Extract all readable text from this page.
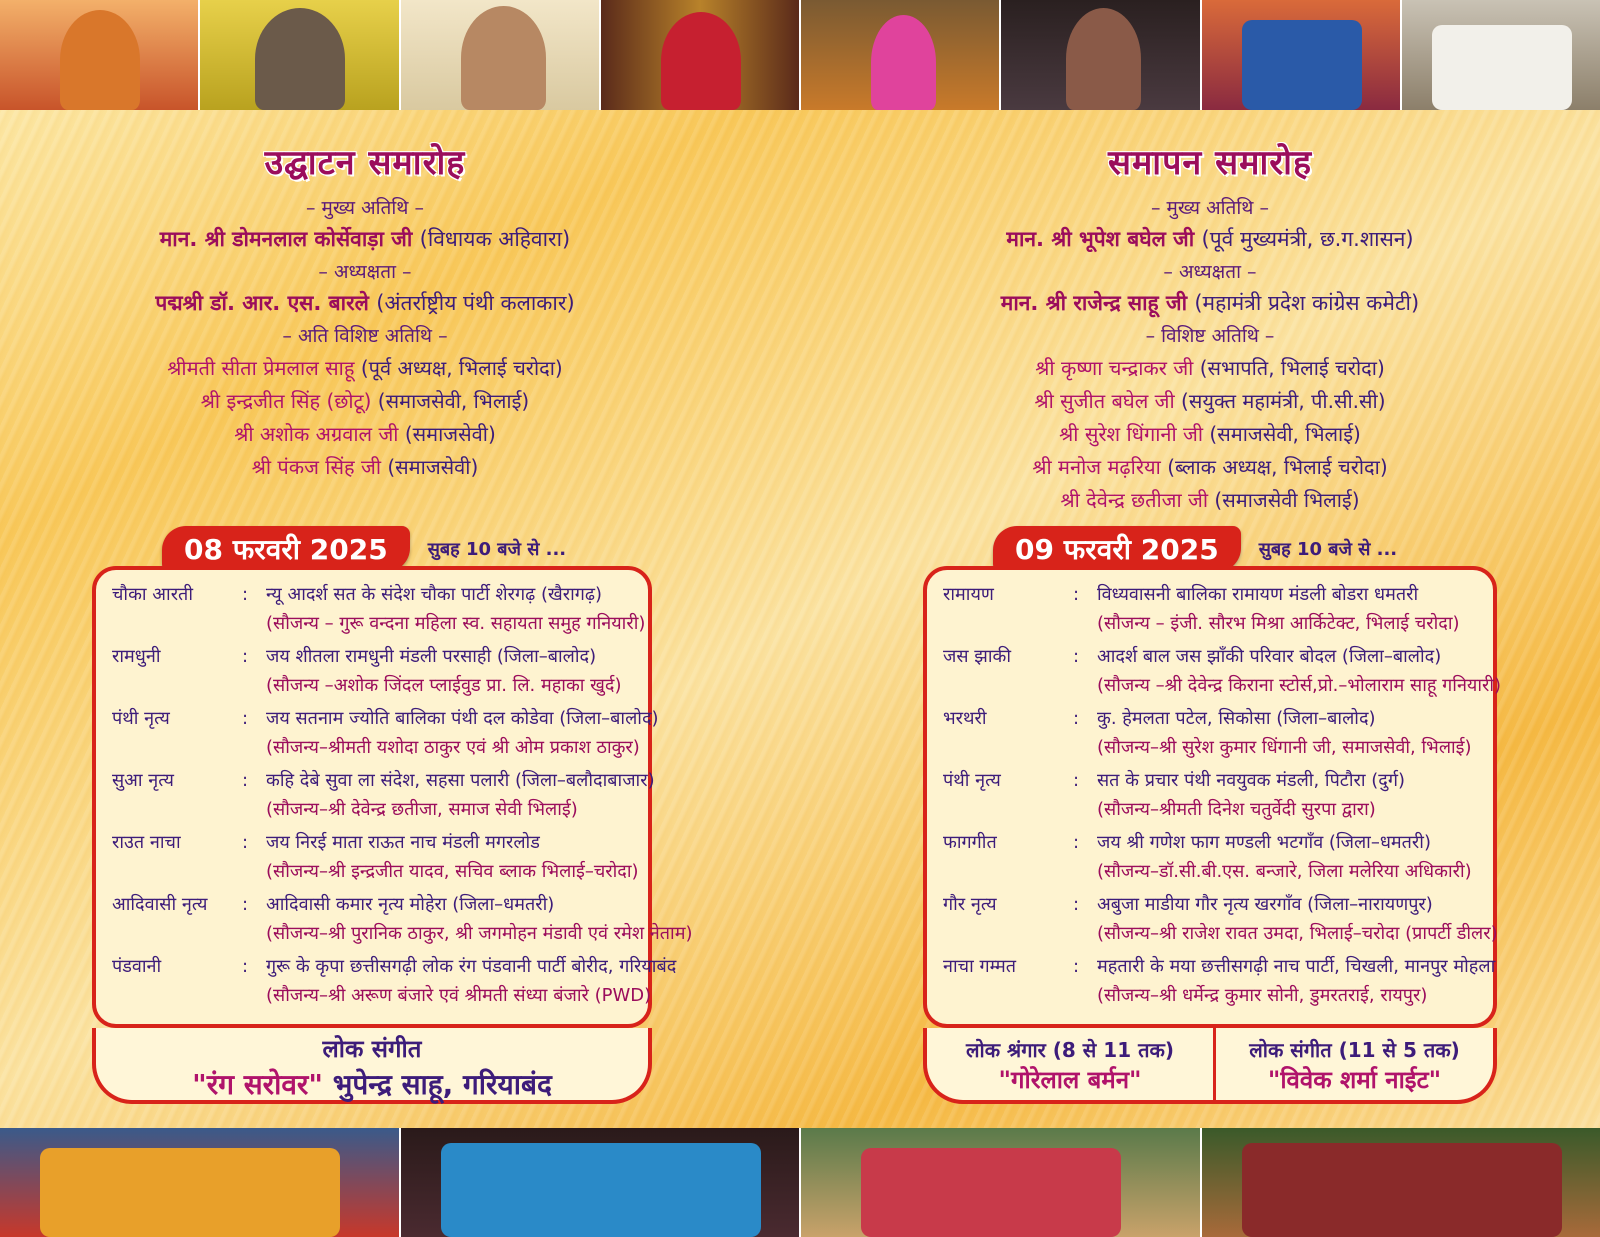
उद्घाटन समारोह
– मुख्य अतिथि –
मान. श्री डोमनलाल कोर्सेवाड़ा जी (विधायक अहिवारा)
– अध्यक्षता –
पद्मश्री डॉ. आर. एस. बारले (अंतर्राष्ट्रीय पंथी कलाकार)
– अति विशिष्ट अतिथि –
श्रीमती सीता प्रेमलाल साहू (पूर्व अध्यक्ष, भिलाई चरोदा)
श्री इन्द्रजीत सिंह (छोटू) (समाजसेवी, भिलाई)
श्री अशोक अग्रवाल जी (समाजसेवी)
श्री पंकज सिंह जी (समाजसेवी)
08 फरवरी 2025	सुबह 10 बजे से ...
चौका आरती	: न्यू आदर्श सत के संदेश चौका पार्टी शेरगढ़ (खैरागढ़)
(सौजन्य – गुरू वन्दना महिला स्व. सहायता समुह गनियारी)
रामधुनी	: जय शीतला रामधुनी मंडली परसाही (जिला–बालोद)
(सौजन्य –अशोक जिंदल प्लाईवुड प्रा. लि. महाका खुर्द)
पंथी नृत्य	: जय सतनाम ज्योति बालिका पंथी दल कोडेवा (जिला–बालोद)
(सौजन्य–श्रीमती यशोदा ठाकुर एवं श्री ओम प्रकाश ठाकुर)
सुआ नृत्य	: कहि देबे सुवा ला संदेश, सहसा पलारी (जिला–बलौदाबाजार)
(सौजन्य–श्री देवेन्द्र छतीजा, समाज सेवी भिलाई)
राउत नाचा	: जय निरई माता राऊत नाच मंडली मगरलोड
(सौजन्य–श्री इन्द्रजीत यादव, सचिव ब्लाक भिलाई–चरोदा)
आदिवासी नृत्य	: आदिवासी कमार नृत्य मोहेरा (जिला–धमतरी)
(सौजन्य–श्री पुरानिक ठाकुर, श्री जगमोहन मंडावी एवं रमेश नेताम)
पंडवानी	: गुरू के कृपा छत्तीसगढ़ी लोक रंग पंडवानी पार्टी बोरीद, गरियाबंद
(सौजन्य–श्री अरूण बंजारे एवं श्रीमती संध्या बंजारे (PWD)
लोक संगीत
"रंग सरोवर" भुपेन्द्र साहू, गरियाबंद
समापन समारोह
– मुख्य अतिथि –
मान. श्री भूपेश बघेल जी (पूर्व मुख्यमंत्री, छ.ग.शासन)
– अध्यक्षता –
मान. श्री राजेन्द्र साहू जी (महामंत्री प्रदेश कांग्रेस कमेटी)
– विशिष्ट अतिथि –
श्री कृष्णा चन्द्राकर जी (सभापति, भिलाई चरोदा)
श्री सुजीत बघेल जी (सयुक्त महामंत्री, पी.सी.सी)
श्री सुरेश धिंगानी जी (समाजसेवी, भिलाई)
श्री मनोज मढ़रिया (ब्लाक अध्यक्ष, भिलाई चरोदा)
श्री देवेन्द्र छतीजा जी (समाजसेवी भिलाई)
09 फरवरी 2025	सुबह 10 बजे से ...
रामायण	: विध्यवासनी बालिका रामायण मंडली बोडरा धमतरी
(सौजन्य – इंजी. सौरभ मिश्रा आर्किटेक्ट, भिलाई चरोदा)
जस झाकी	: आदर्श बाल जस झाँकी परिवार बोदल (जिला–बालोद)
(सौजन्य –श्री देवेन्द्र किराना स्टोर्स,प्रो.–भोलाराम साहू गनियारी)
भरथरी	: कु. हेमलता पटेल, सिकोसा (जिला–बालोद)
(सौजन्य–श्री सुरेश कुमार धिंगानी जी, समाजसेवी, भिलाई)
पंथी नृत्य	: सत के प्रचार पंथी नवयुवक मंडली, पिटौरा (दुर्ग)
(सौजन्य–श्रीमती दिनेश चतुर्वेदी सुरपा द्वारा)
फागगीत	: जय श्री गणेश फाग मण्डली भटगाँव (जिला–धमतरी)
(सौजन्य–डॉ.सी.बी.एस. बन्जारे, जिला मलेरिया अधिकारी)
गौर नृत्य	: अबुजा माडीया गौर नृत्य खरगाँव (जिला–नारायणपुर)
(सौजन्य–श्री राजेश रावत उमदा, भिलाई–चरोदा (प्रापर्टी डीलर)
नाचा गम्मत	: महतारी के मया छत्तीसगढ़ी नाच पार्टी, चिखली, मानपुर मोहला
(सौजन्य–श्री धर्मेन्द्र कुमार सोनी, डुमरतराई, रायपुर)
लोक श्रंगार (8 से 11 तक)
"गोरेलाल बर्मन"
लोक संगीत (11 से 5 तक)
"विवेक शर्मा नाईट"
